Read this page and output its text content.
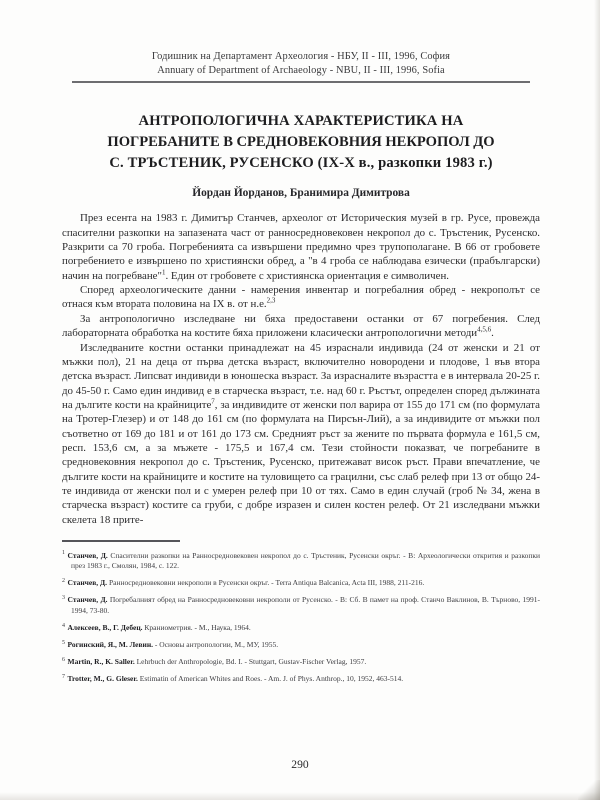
Годишник на Департамент Археология - НБУ, II - III, 1996, София
Annuary of Department of Archaeology - NBU, II - III, 1996, Sofia
АНТРОПОЛОГИЧНА ХАРАКТЕРИСТИКА НА
ПОГРЕБАНИТЕ В СРЕДНОВЕКОВНИЯ НЕКРОПОЛ ДО
С. ТРЪСТЕНИК, РУСЕНСКО (IX-X в., разкопки 1983 г.)
Йордан Йорданов, Бранимира Димитрова

През есента на 1983 г. Димитър Станчев, археолог от Историческия музей в гр. Русе, провежда спасителни разкопки на запазената част от раннoсредновековен некропол до с. Тръстеник, Русенско. Разкрити са 70 гроба. Погребенията са извършени предимно чрез трупополагане. В 66 от гробовете погребението е извършено по християнски обред, а "в 4 гроба се наблюдава езически (прабългарски) начин на погребване"$^1$. Един от гробовете с християнска ориентация е символичен.

Според археологическите данни - намерения инвентар и погребалния обред - некрополът се отнася към втората половина на IX в. от н.е.$^{2,3}$

За антропологично изследване ни бяха предоставени останки от 67 погребения. След лабораторната обработка на костите бяха приложени класически антропологични методи$^{4,5,6}$.

Изследваните костни останки принадлежат на 45 израснали индивида (24 от женски и 21 от мъжки пол), 21 на деца от първа детска възраст, включително новородени и плодове, 1 във втора детска възраст. Липсват индивиди в юношеска възраст. За израсналите възрастта е в интервала 20-25 г. до 45-50 г. Само един индивид е в старческа възраст, т.е. над 60 г. Ръстът, определен според дължината на дългите кости на крайниците$^7$, за индивидите от женски пол варира от 155 до 171 см (по формулата на Тротер-Глезер) и от 148 до 161 см (по формулата на Пирсън-Лий), а за индивидите от мъжки пол съответно от 169 до 181 и от 161 до 173 см. Средният ръст за жените по първата формула е 161,5 см, респ. 153,6 см, а за мъжете - 175,5 и 167,4 см. Тези стойности показват, че погребаните в средновековния некропол до с. Тръстеник, Русенско, притежават висок ръст. Прави впечатление, че дългите кости на крайниците и костите на туловището са грацилни, със слаб релеф при 13 от общо 24-те индивида от женски пол и с умерен релеф при 10 от тях. Само в един случай (гроб № 34, жена в старческа възраст) костите са груби, с добре изразен и силен костен релеф. От 21 изследвани мъжки скелета 18 прите-

$^1$ Станчев, Д. Спасителни разкопки на Раннoсредновековен некропол до с. Тръстеник, Русенски окръг. - В: Археологически открития и разкопки през 1983 г., Смолян, 1984, с. 122.
$^2$ Станчев, Д. Раннoсредновековни некрополи в Русенски окръг. - Terra Antiqua Balcanica, Acta III, 1988, 211-216.
$^3$ Станчев, Д. Погребалният обред на Раннoсредновековни некрополи от Русенско. - В: Сб. В памет на проф. Станчо Ваклинов, В. Търново, 1991-1994, 73-80.
$^4$ Алексеев, В., Г. Дебец. Краниометрия. - М., Наука, 1964.
$^5$ Рогинский, Я., М. Левин. - Основы антропологии, М., МУ, 1955.
$^6$ Martin, R., K. Saller. Lehrbuch der Anthropologie, Bd. I. - Stuttgart, Gustav-Fischer Verlag, 1957.
$^7$ Trotter, M., G. Gleser. Estimatin of American Whites and Roes. - Am. J. of Phys. Anthrop., 10, 1952, 463-514.
290
